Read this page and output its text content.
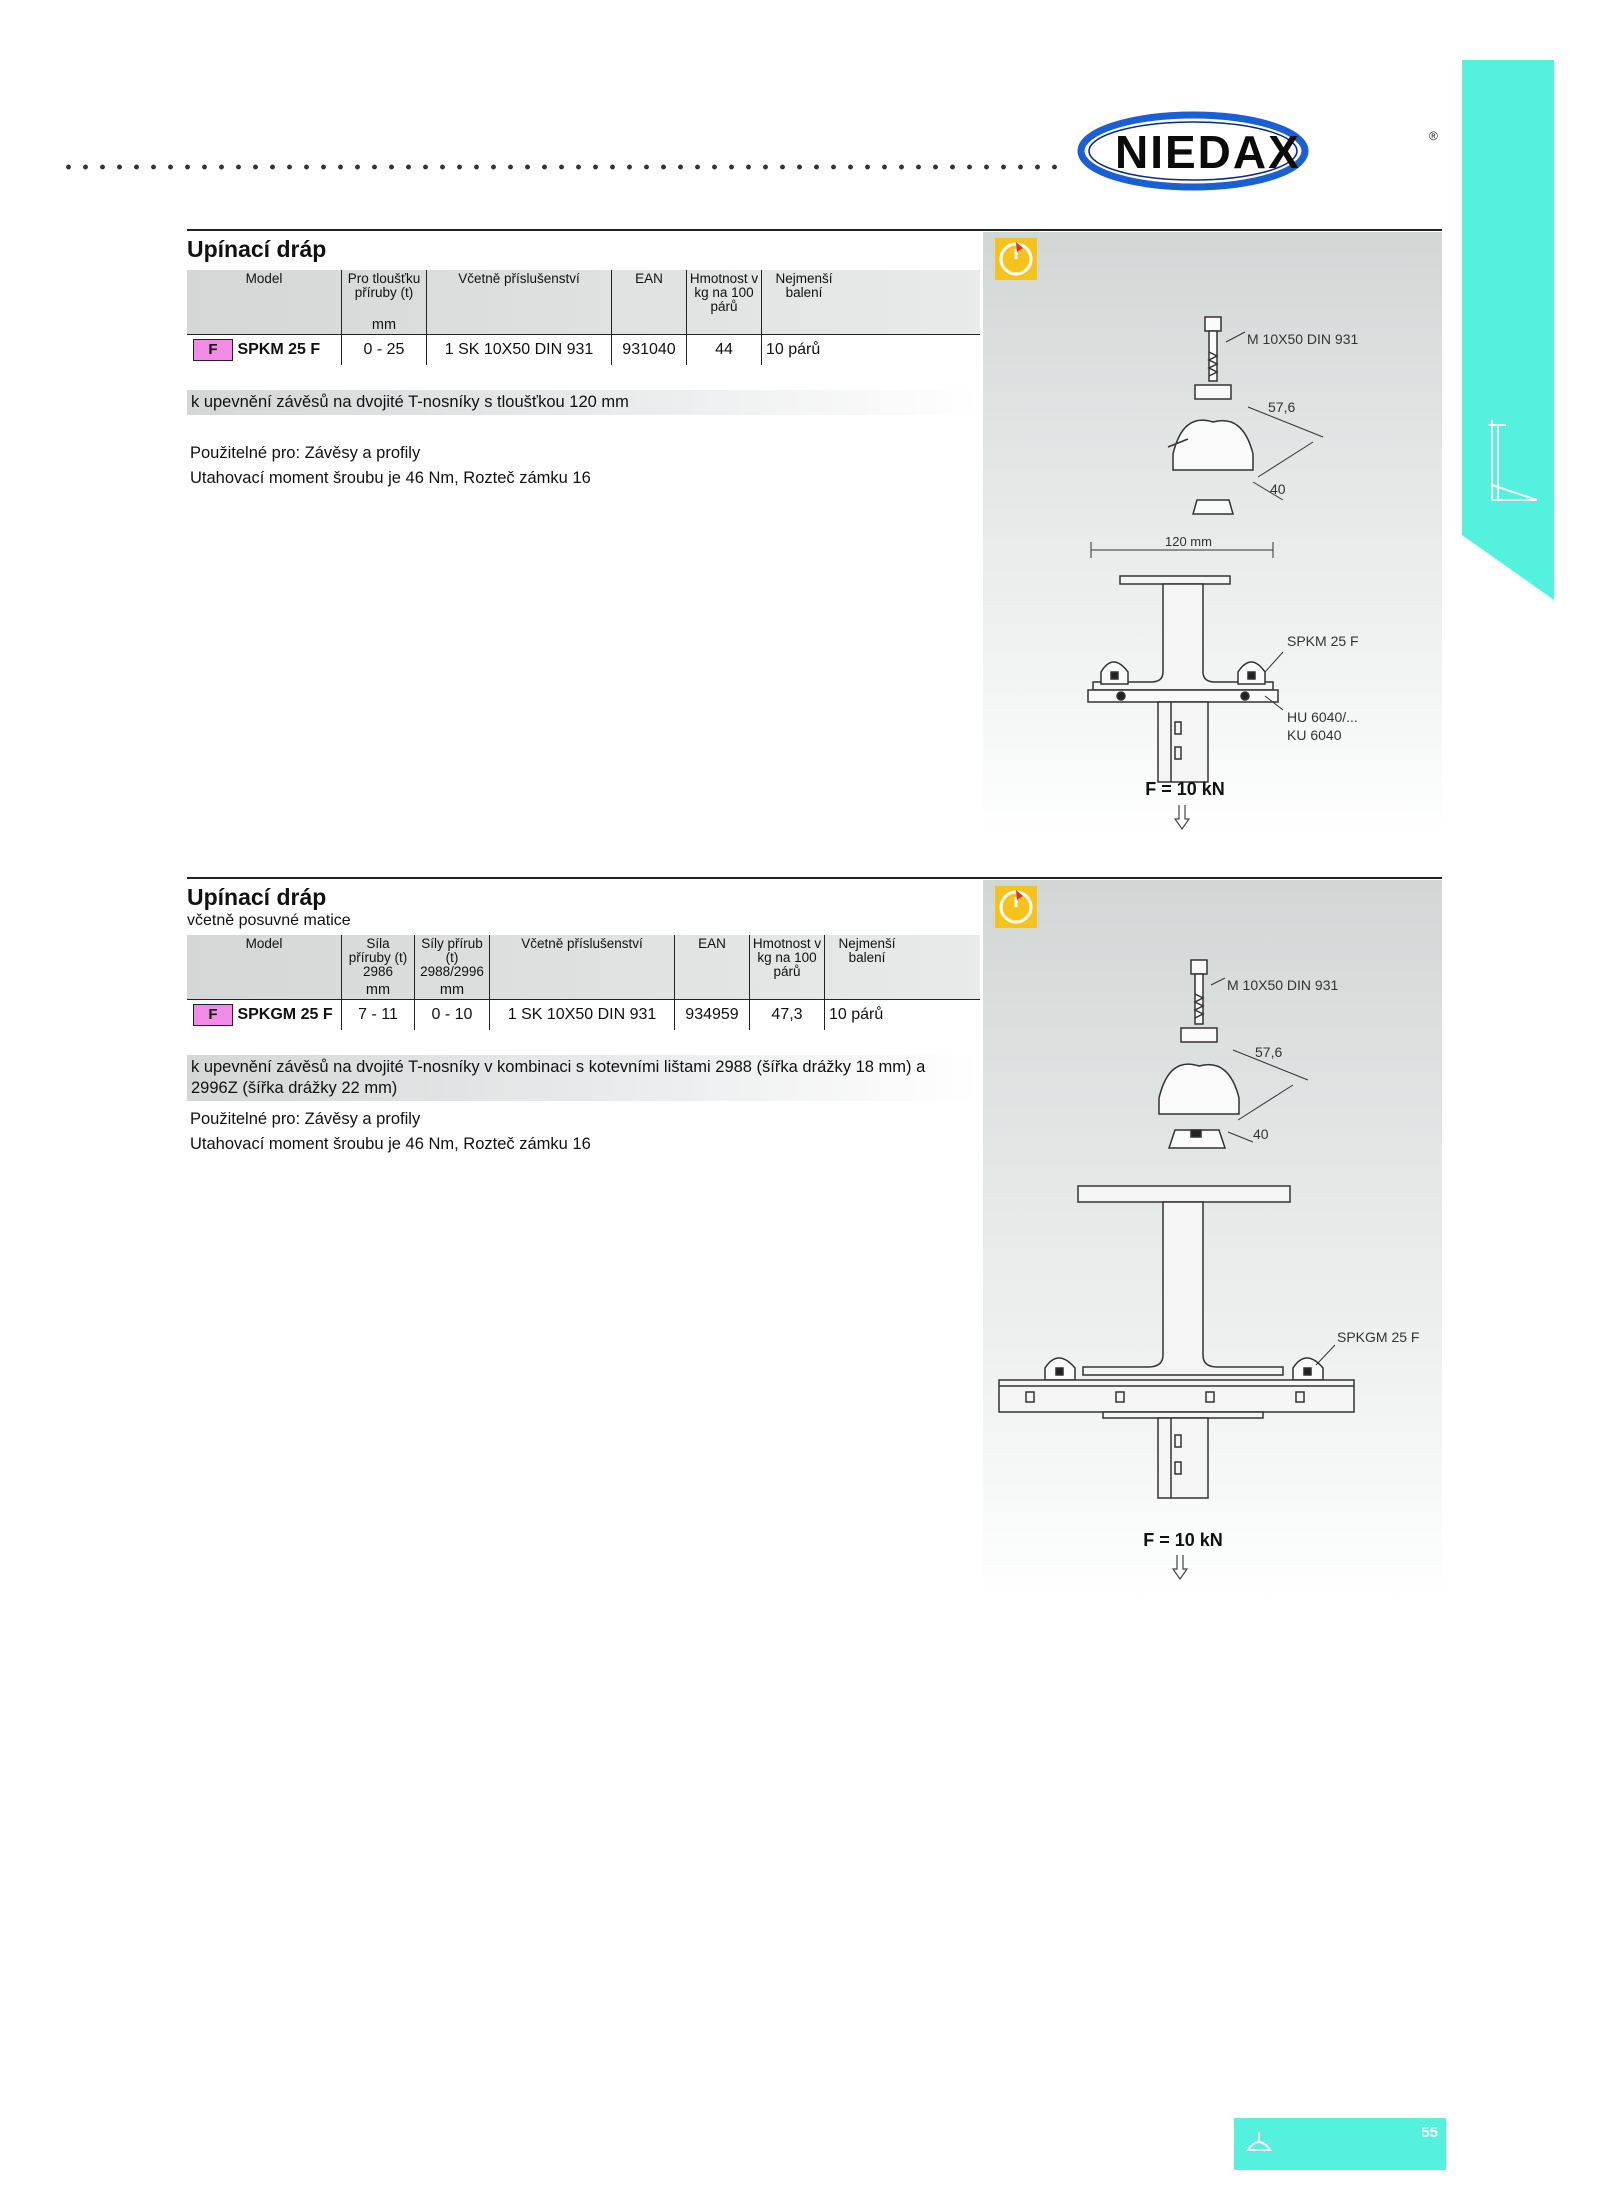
NIEDAX	®
Upínací dráp
Model	Pro tloušťku příruby (t)	Včetně příslušenství	EAN	Hmotnost v kg na 100 párů	Nejmenší balení	
	mm					
F SPKM 25 F	0 - 25	1 SK 10X50 DIN 931	931040	44	10 párů	
k upevnění závěsů na dvojité T-nosníky s tloušťkou 120 mm
Použitelné pro: Závěsy a profily
Utahovací moment šroubu je 46 Nm, Rozteč zámku 16
M 10X50 DIN 931
57,6
40
120 mm
SPKM 25 F
HU 6040/...
KU 6040
F = 10 kN
Upínací dráp
včetně posuvné matice
Model	Síla příruby (t) 2986	Síly přírub (t) 2988/2996	Včetně příslušenství	EAN	Hmotnost v kg na 100 párů	Nejmenší balení	
	mm	mm					
F SPKGM 25 F	7 - 11	0 - 10	1 SK 10X50 DIN 931	934959	47,3	10 párů	
k upevnění závěsů na dvojité T-nosníky v kombinaci s kotevními lištami 2988 (šířka drážky 18 mm) a 2996Z (šířka drážky 22 mm)
Použitelné pro: Závěsy a profily
Utahovací moment šroubu je 46 Nm, Rozteč zámku 16
M 10X50 DIN 931
57,6
40
SPKGM 25 F
F = 10 kN
55
